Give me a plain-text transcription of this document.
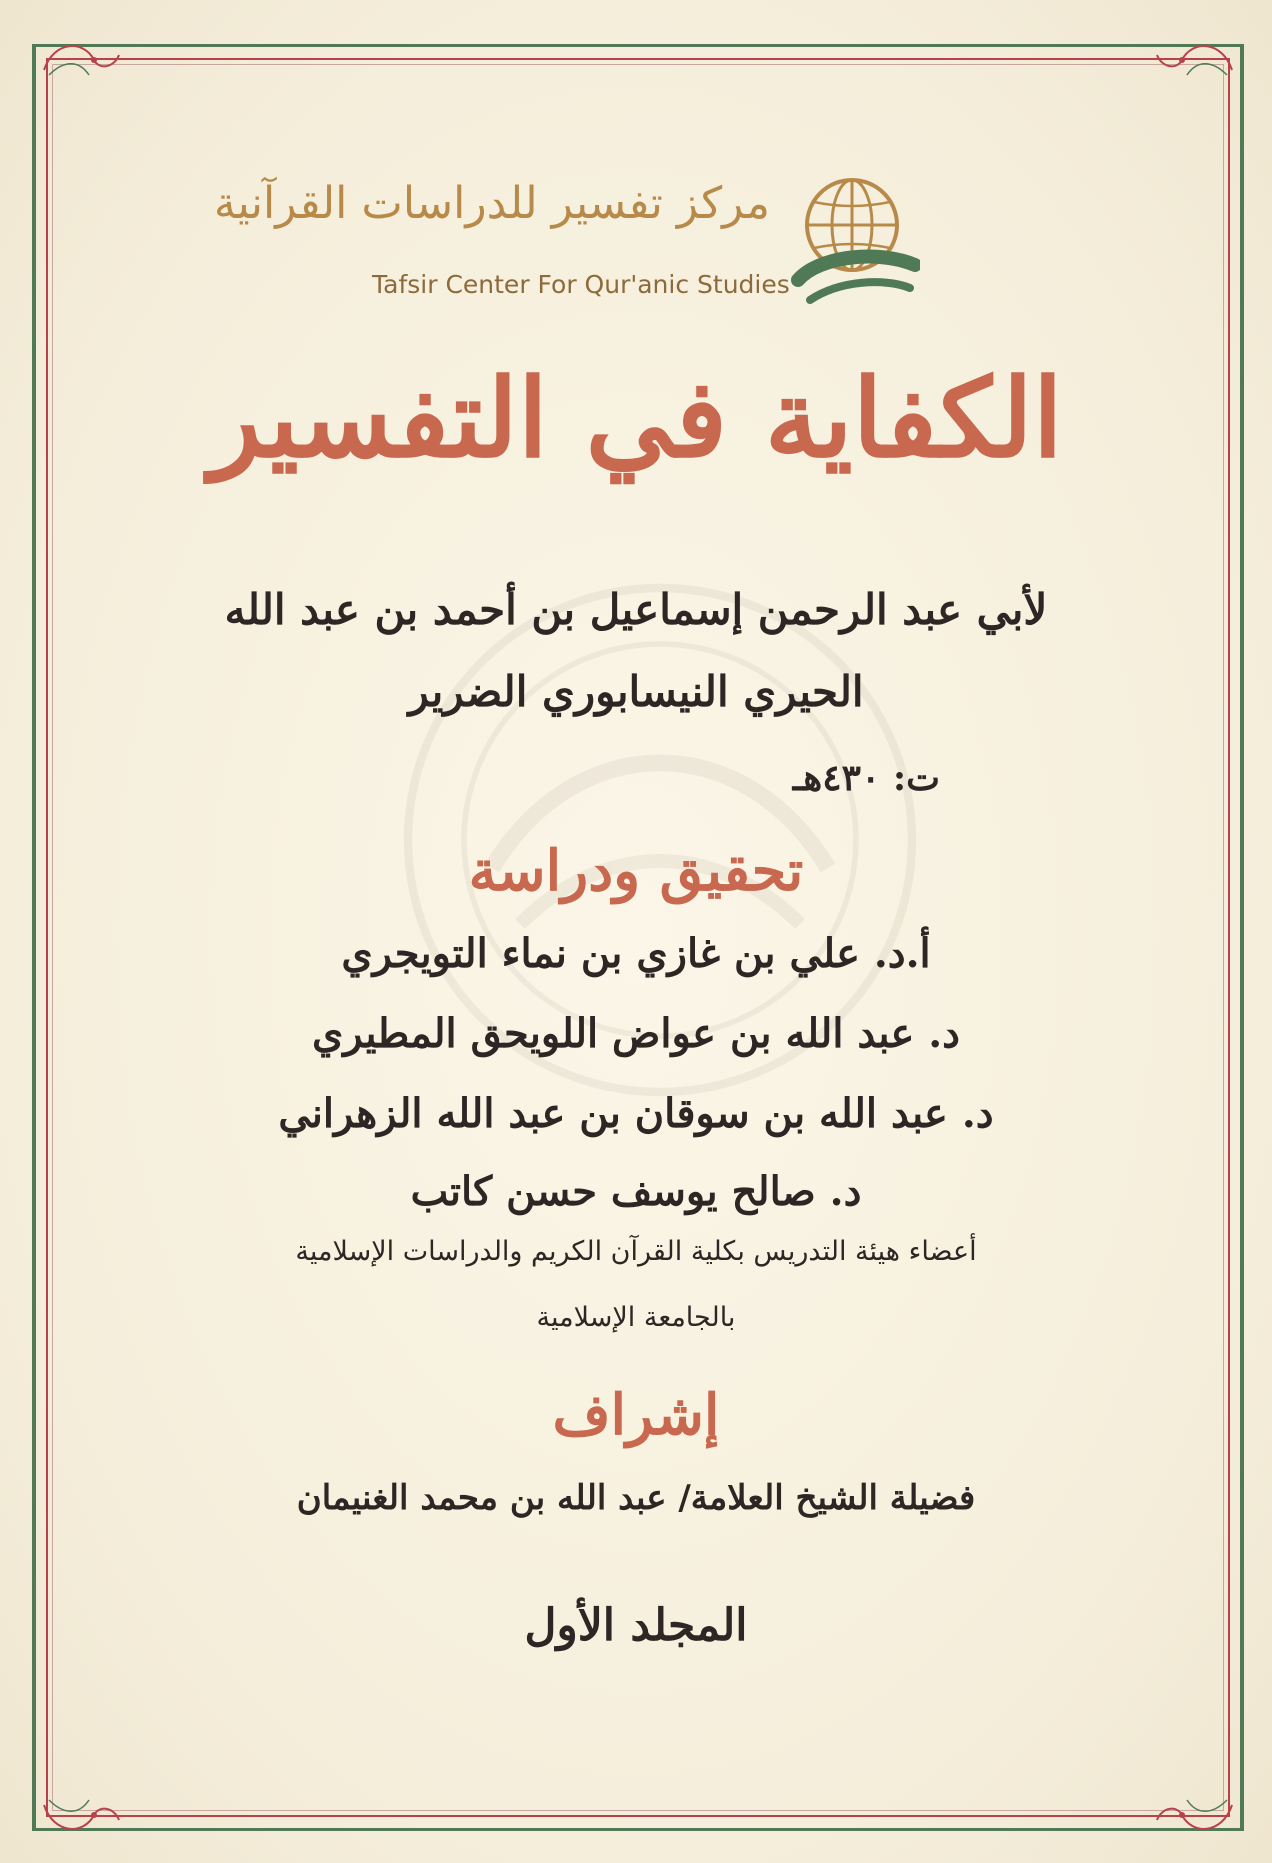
مركز تفسير للدراسات القرآنية
Tafsir Center For Qur'anic Studies
الكفاية في التفسير
لأبي عبد الرحمن إسماعيل بن أحمد بن عبد الله
الحيري النيسابوري الضرير
ت: ٤٣٠هـ
تحقيق ودراسة
أ.د. علي بن غازي بن نماء التويجري
د. عبد الله بن عواض اللويحق المطيري
د. عبد الله بن سوقان بن عبد الله الزهراني
د. صالح يوسف حسن كاتب
أعضاء هيئة التدريس بكلية القرآن الكريم والدراسات الإسلامية
بالجامعة الإسلامية
إشراف
فضيلة الشيخ العلامة/ عبد الله بن محمد الغنيمان
المجلد الأول
